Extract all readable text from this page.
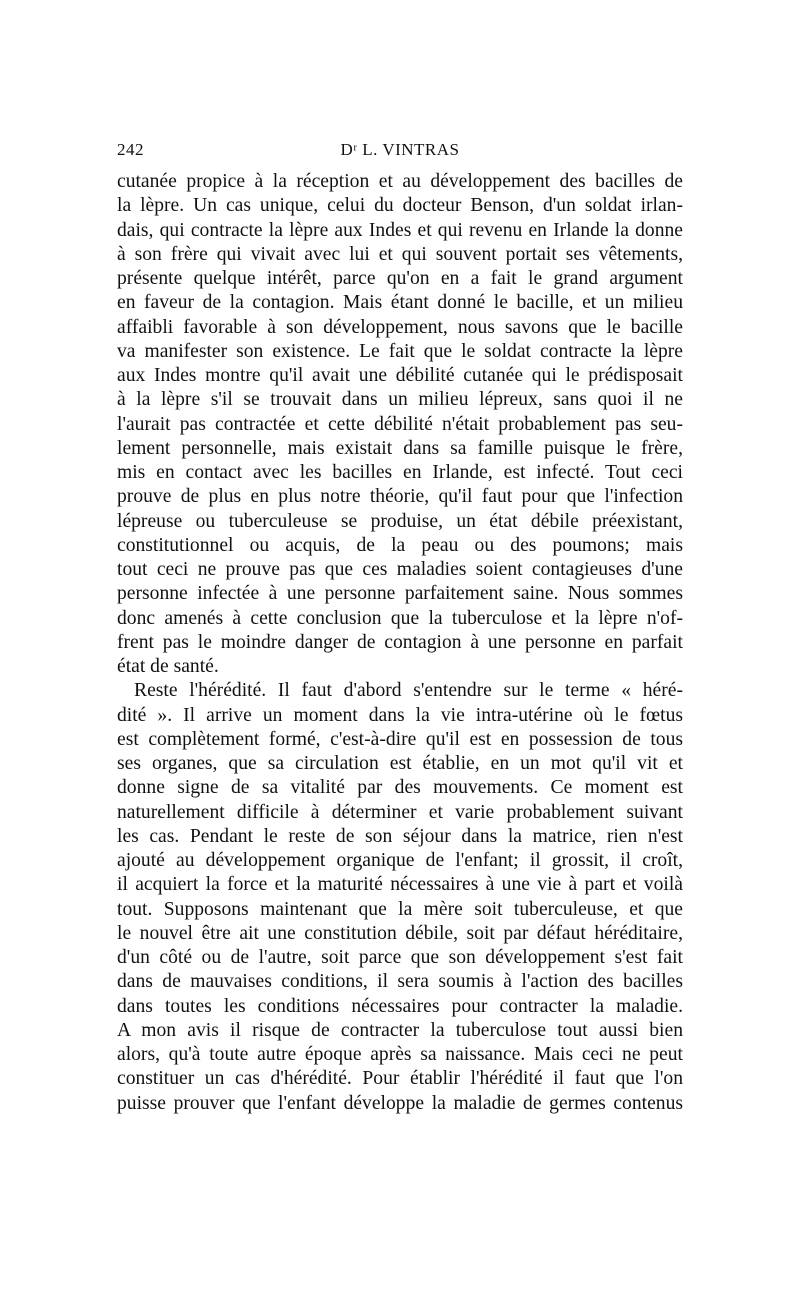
242	Dʳ L. VINTRAS
cutanée propice à la réception et au développement des bacilles de
la lèpre. Un cas unique, celui du docteur Benson, d'un soldat irlan-
dais, qui contracte la lèpre aux Indes et qui revenu en Irlande la donne
à son frère qui vivait avec lui et qui souvent portait ses vêtements,
présente quelque intérêt, parce qu'on en a fait le grand argument
en faveur de la contagion. Mais étant donné le bacille, et un milieu
affaibli favorable à son développement, nous savons que le bacille
va manifester son existence. Le fait que le soldat contracte la lèpre
aux Indes montre qu'il avait une débilité cutanée qui le prédisposait
à la lèpre s'il se trouvait dans un milieu lépreux, sans quoi il ne
l'aurait pas contractée et cette débilité n'était probablement pas seu-
lement personnelle, mais existait dans sa famille puisque le frère,
mis en contact avec les bacilles en Irlande, est infecté. Tout ceci
prouve de plus en plus notre théorie, qu'il faut pour que l'infection
lépreuse ou tuberculeuse se produise, un état débile préexistant,
constitutionnel ou acquis, de la peau ou des poumons; mais
tout ceci ne prouve pas que ces maladies soient contagieuses d'une
personne infectée à une personne parfaitement saine. Nous sommes
donc amenés à cette conclusion que la tuberculose et la lèpre n'of-
frent pas le moindre danger de contagion à une personne en parfait
état de santé.
Reste l'hérédité. Il faut d'abord s'entendre sur le terme « héré-
dité ». Il arrive un moment dans la vie intra-utérine où le fœtus
est complètement formé, c'est-à-dire qu'il est en possession de tous
ses organes, que sa circulation est établie, en un mot qu'il vit et
donne signe de sa vitalité par des mouvements. Ce moment est
naturellement difficile à déterminer et varie probablement suivant
les cas. Pendant le reste de son séjour dans la matrice, rien n'est
ajouté au développement organique de l'enfant; il grossit, il croît,
il acquiert la force et la maturité nécessaires à une vie à part et voilà
tout. Supposons maintenant que la mère soit tuberculeuse, et que
le nouvel être ait une constitution débile, soit par défaut héréditaire,
d'un côté ou de l'autre, soit parce que son développement s'est fait
dans de mauvaises conditions, il sera soumis à l'action des bacilles
dans toutes les conditions nécessaires pour contracter la maladie.
A mon avis il risque de contracter la tuberculose tout aussi bien
alors, qu'à toute autre époque après sa naissance. Mais ceci ne peut
constituer un cas d'hérédité. Pour établir l'hérédité il faut que l'on
puisse prouver que l'enfant développe la maladie de germes contenus
